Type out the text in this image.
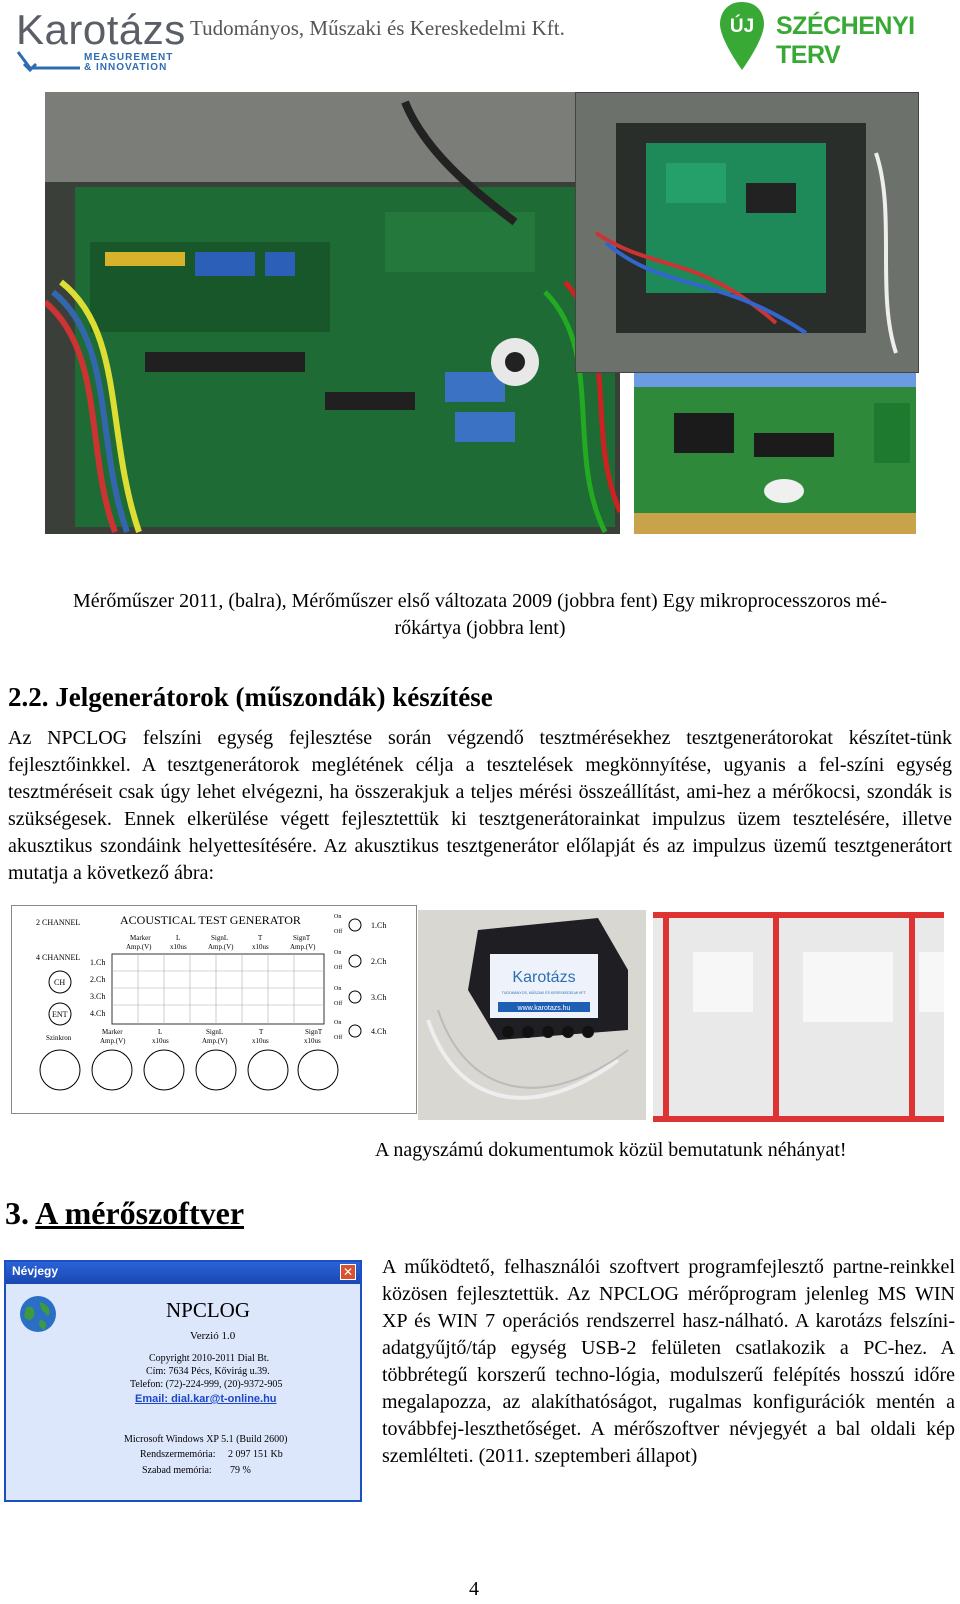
Karotázs
MEASUREMENT
& INNOVATION
Tudományos, Műszaki és Kereskedelmi Kft.	ÚJ SZÉCHENYI TERV
Mérőműszer 2011, (balra), Mérőműszer első változata 2009 (jobbra fent) Egy mikroprocesszoros mé-
rőkártya (jobbra lent)
2.2. Jelgenerátorok (műszondák) készítése
Az NPCLOG felszíni egység fejlesztése során végzendő tesztmérésekhez tesztgenerátorokat készítet-tünk fejlesztőinkkel. A tesztgenerátorok meglétének célja a tesztelések megkönnyítése, ugyanis a fel-színi egység tesztméréseit csak úgy lehet elvégezni, ha összerakjuk a teljes mérési összeállítást, ami-hez a mérőkocsi, szondák is szükségesek. Ennek elkerülése végett fejlesztettük ki tesztgenerátorainkat impulzus üzem tesztelésére, illetve akusztikus szondáink helyettesítésére. Az akusztikus tesztgenerátor előlapját és az impulzus üzemű tesztgenerátort mutatja a következő ábra:
2 CHANNEL	ACOUSTICAL TEST GENERATOR
Marker
Amp.(V)
L
x10us
SignL
Amp.(V)
T
x10us
SignT
Amp.(V)
4 CHANNEL
CH
ENT
1.Ch
2.Ch
3.Ch
4.Ch
On
Off
1.Ch
On
Off
2.Ch
On
Off
3.Ch
On
Off
4.Ch
Szinkron
Marker
Amp.(V)
L
x10us
SignL
Amp.(V)
T
x10us
SignT
x10us
Karotázs
TUDOMÁNYOS, MŰSZAKI ÉS KERESKEDELMI KFT.
www.karotazs.hu
A nagyszámú dokumentumok közül bemutatunk néhányat!
3. A mérőszoftver
Névjegy	✕
NPCLOG
Verzió 1.0
Copyright 2010-2011 Dial Bt.
Cím: 7634 Pécs, Kővirág u.39.
Telefon: (72)-224-999, (20)-9372-905
Email: dial.kar@t-online.hu
Microsoft Windows XP 5.1 (Build 2600)
Rendszermemória: 2 097 151 Kb
Szabad memória: 79 %
A működtető, felhasználói szoftvert programfejlesztő partne-reinkkel közösen fejlesztettük. Az NPCLOG mérőprogram jelenleg MS WIN XP és WIN 7 operációs rendszerrel hasz-nálható. A karotázs felszíni-adatgyűjtő/táp egység USB-2 felületen csatlakozik a PC-hez. A többrétegű korszerű techno-lógia, modulszerű felépítés hosszú időre megalapozza, az alakíthatóságot, rugalmas konfigurációk mentén a továbbfej-leszthetőséget. A mérőszoftver névjegyét a bal oldali kép szemlélteti. (2011. szeptemberi állapot)
4
